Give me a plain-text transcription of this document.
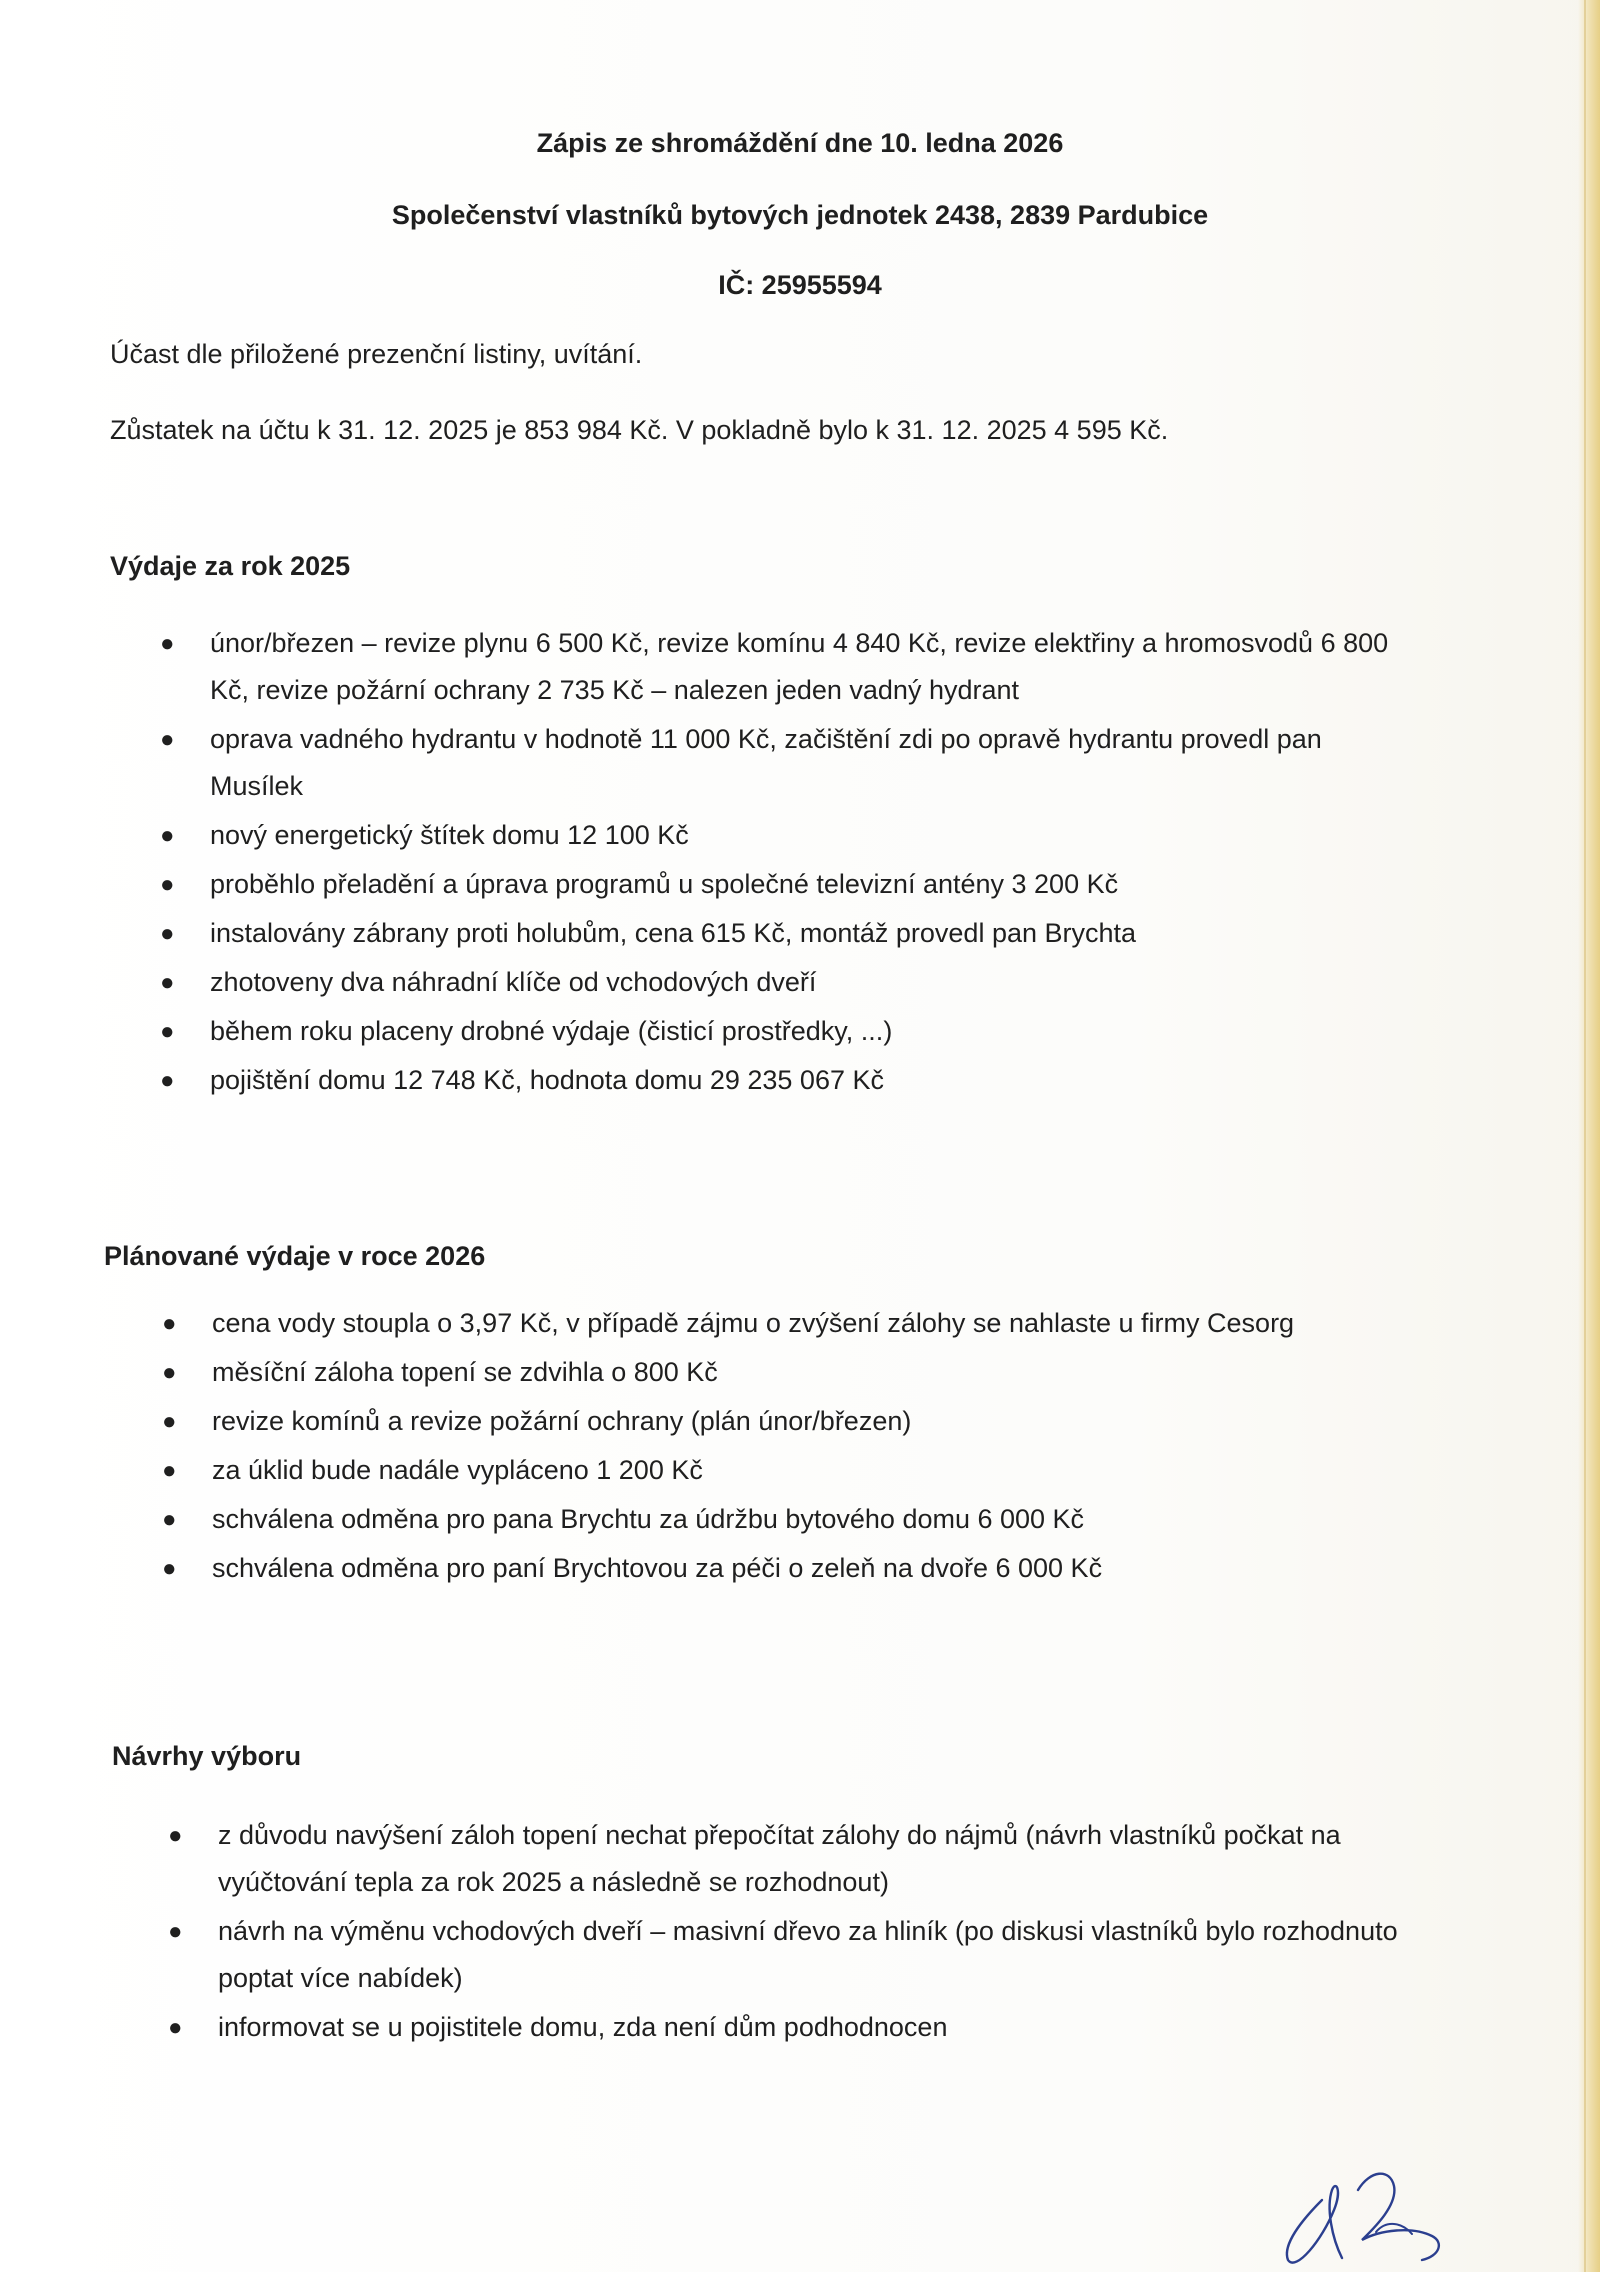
Zápis ze shromáždění dne 10. ledna 2026
Společenství vlastníků bytových jednotek 2438, 2839 Pardubice
IČ: 25955594
Účast dle přiložené prezenční listiny, uvítání.
Zůstatek na účtu k 31. 12. 2025 je 853 984 Kč. V pokladně bylo k 31. 12. 2025 4 595 Kč.
Výdaje za rok 2025
● únor/březen – revize plynu 6 500 Kč, revize komínu 4 840 Kč, revize elektřiny a hromosvodů 6 800 Kč, revize požární ochrany 2 735 Kč – nalezen jeden vadný hydrant
● oprava vadného hydrantu v hodnotě 11 000 Kč, začištění zdi po opravě hydrantu provedl pan Musílek
● nový energetický štítek domu 12 100 Kč
● proběhlo přeladění a úprava programů u společné televizní antény 3 200 Kč
● instalovány zábrany proti holubům, cena 615 Kč, montáž provedl pan Brychta
● zhotoveny dva náhradní klíče od vchodových dveří
● během roku placeny drobné výdaje (čisticí prostředky, ...)
● pojištění domu 12 748 Kč, hodnota domu 29 235 067 Kč
Plánované výdaje v roce 2026
● cena vody stoupla o 3,97 Kč, v případě zájmu o zvýšení zálohy se nahlaste u firmy Cesorg
● měsíční záloha topení se zdvihla o 800 Kč
● revize komínů a revize požární ochrany (plán únor/březen)
● za úklid bude nadále vypláceno 1 200 Kč
● schválena odměna pro pana Brychtu za údržbu bytového domu 6 000 Kč
● schválena odměna pro paní Brychtovou za péči o zeleň na dvoře 6 000 Kč
Návrhy výboru
● z důvodu navýšení záloh topení nechat přepočítat zálohy do nájmů (návrh vlastníků počkat na vyúčtování tepla za rok 2025 a následně se rozhodnout)
● návrh na výměnu vchodových dveří – masivní dřevo za hliník (po diskusi vlastníků bylo rozhodnuto poptat více nabídek)
● informovat se u pojistitele domu, zda není dům podhodnocen
